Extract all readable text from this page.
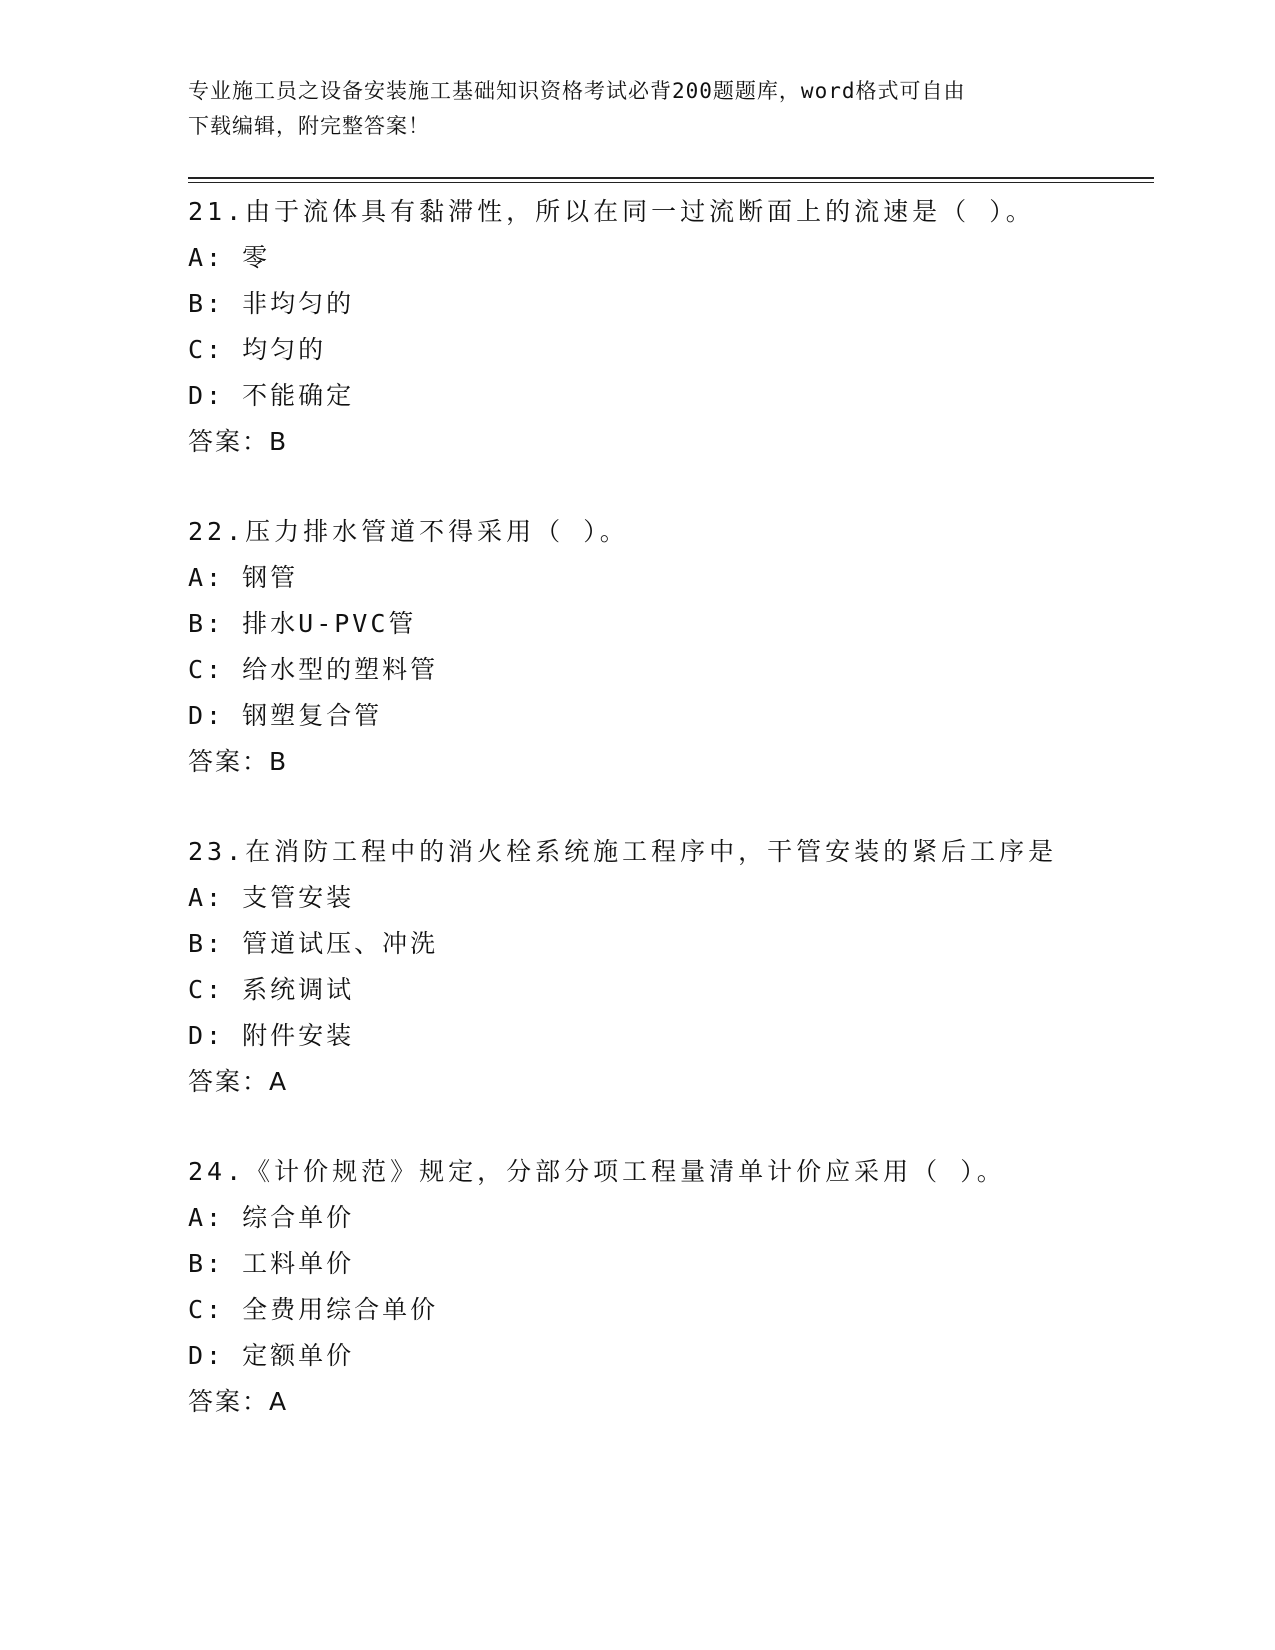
专业施工员之设备安装施工基础知识资格考试必背200题题库，word格式可自由
下载编辑，附完整答案！
21.由于流体具有黏滞性，所以在同一过流断面上的流速是（ ）。
A: 零
B: 非均匀的
C: 均匀的
D: 不能确定
答案：B
22.压力排水管道不得采用（ ）。
A: 钢管
B: 排水U-PVC管
C: 给水型的塑料管
D: 钢塑复合管
答案：B
23.在消防工程中的消火栓系统施工程序中，干管安装的紧后工序是
A: 支管安装
B: 管道试压、冲洗
C: 系统调试
D: 附件安装
答案：A
24.《计价规范》规定，分部分项工程量清单计价应采用（ ）。
A: 综合单价
B: 工料单价
C: 全费用综合单价
D: 定额单价
答案：A
